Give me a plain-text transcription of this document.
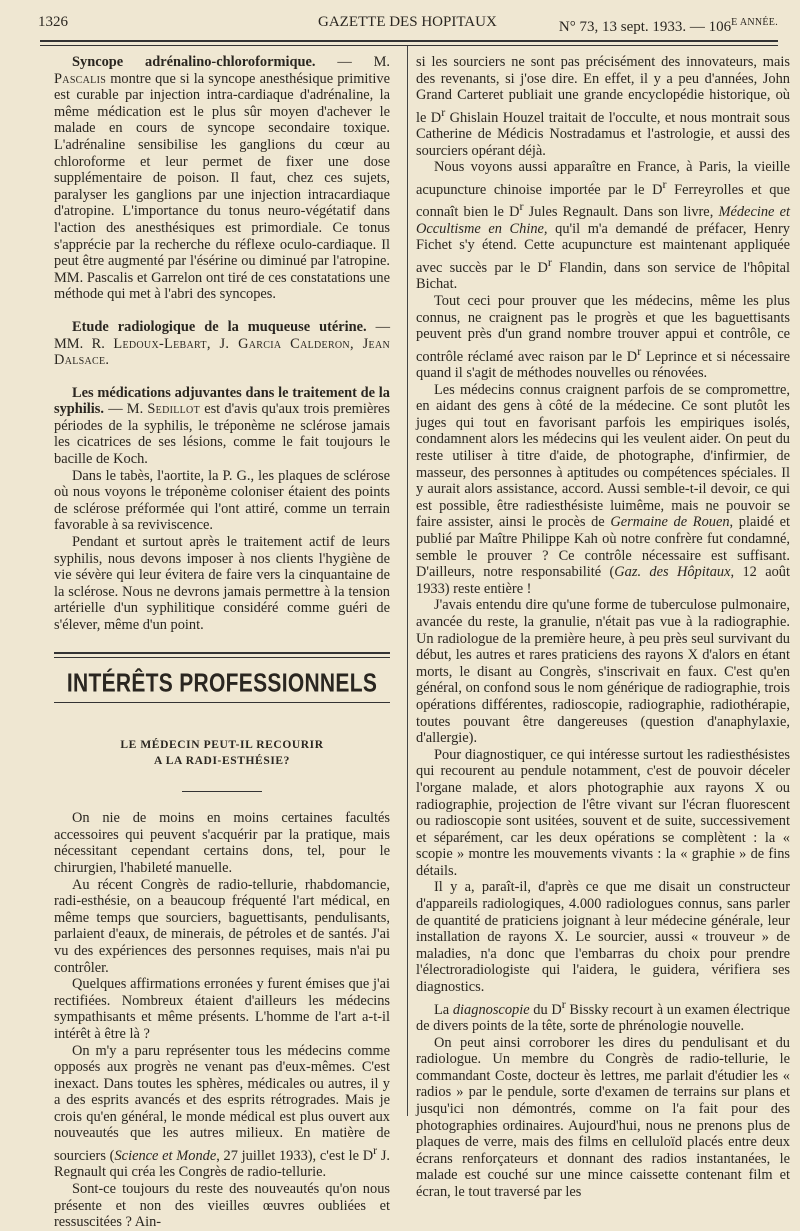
1326	GAZETTE DES HOPITAUX	N° 73, 13 sept. 1933. — $106^{E ANNÉE.}$

Syncope adrénalino-chloroformique. — M. Pascalis montre que si la syncope anesthésique primitive est curable par injection intra-cardiaque d'adrénaline, la même médication est le plus sûr moyen d'achever le malade en cours de syncope secondaire toxique. L'adrénaline sensibilise les ganglions du cœur au chloroforme et leur permet de fixer une dose supplémentaire de poison. Il faut, chez ces sujets, paralyser les ganglions par une injection intracardiaque d'atropine. L'importance du tonus neuro-végétatif dans l'action des anesthésiques est primordiale. Ce tonus s'apprécie par la recherche du réflexe oculo-cardiaque. Il peut être augmenté par l'ésérine ou diminué par l'atropine. MM. Pascalis et Garrelon ont tiré de ces constatations une méthode qui met à l'abri des syncopes.

Etude radiologique de la muqueuse utérine. — MM. R. Ledoux-Lebart, J. Garcia Calderon, Jean Dalsace.

Les médications adjuvantes dans le traitement de la syphilis. — M. Sedillot est d'avis qu'aux trois premières périodes de la syphilis, le tréponème ne sclérose jamais les cicatrices de ses lésions, comme le fait toujours le bacille de Koch.

Dans le tabès, l'aortite, la P. G., les plaques de sclérose où nous voyons le tréponème coloniser étaient des points de sclérose préformée qui l'ont attiré, comme un terrain favorable à sa reviviscence.

Pendant et surtout après le traitement actif de leurs syphilis, nous devons imposer à nos clients l'hygiène de vie sévère qui leur évitera de faire vers la cinquantaine de la sclérose. Nous ne devrons jamais permettre à la tension artérielle d'un syphilitique considéré comme guéri de s'élever, même d'un point.

INTÉRÊTS PROFESSIONNELS
LE MÉDECIN PEUT-IL RECOURIR
A LA RADI-ESTHÉSIE?

On nie de moins en moins certaines facultés accessoires qui peuvent s'acquérir par la pratique, mais nécessitant cependant certains dons, tel, pour le chirurgien, l'habileté manuelle.

Au récent Congrès de radio-tellurie, rhabdomancie, radi-esthésie, on a beaucoup fréquenté l'art médical, en même temps que sourciers, baguettisants, pendulisants, parlaient d'eaux, de minerais, de pétroles et de santés. J'ai vu des expériences des personnes requises, mais n'ai pu contrôler.

Quelques affirmations erronées y furent émises que j'ai rectifiées. Nombreux étaient d'ailleurs les médecins sympathisants et même présents. L'homme de l'art a-t-il intérêt à être là ?

On m'y a paru représenter tous les médecins comme opposés aux progrès ne venant pas d'eux-mêmes. C'est inexact. Dans toutes les sphères, médicales ou autres, il y a des esprits avancés et des esprits rétrogrades. Mais je crois qu'en général, le monde médical est plus ouvert aux nouveautés que les autres milieux. En matière de sourciers (Science et Monde, 27 juillet 1933), c'est le $D^r$ J. Regnault qui créa les Congrès de radio-tellurie.

Sont-ce toujours du reste des nouveautés qu'on nous présente et non des vieilles œuvres oubliées et ressuscitées ? Ain-

si les sourciers ne sont pas précisément des innovateurs, mais des revenants, si j'ose dire. En effet, il y a peu d'années, John Grand Carteret publiait une grande encyclopédie historique, où le $D^r$ Ghislain Houzel traitait de l'occulte, et nous montrait sous Catherine de Médicis Nostradamus et l'astrologie, et aussi des sourciers opérant déjà.

Nous voyons aussi apparaître en France, à Paris, la vieille acupuncture chinoise importée par le $D^r$ Ferreyrolles et que connaît bien le $D^r$ Jules Regnault. Dans son livre, Médecine et Occultisme en Chine, qu'il m'a demandé de préfacer, Henry Fichet s'y étend. Cette acupuncture est maintenant appliquée avec succès par le $D^r$ Flandin, dans son service de l'hôpital Bichat.

Tout ceci pour prouver que les médecins, même les plus connus, ne craignent pas le progrès et que les baguettisants peuvent près d'un grand nombre trouver appui et contrôle, ce contrôle réclamé avec raison par le $D^r$ Leprince et si nécessaire quand il s'agit de méthodes nouvelles ou rénovées.

Les médecins connus craignent parfois de se compromettre, en aidant des gens à côté de la médecine. Ce sont plutôt les juges qui tout en favorisant parfois les empiriques isolés, condamnent alors les médecins qui les veulent aider. On peut du reste utiliser à titre d'aide, de photographe, d'infirmier, de masseur, des personnes à aptitudes ou compétences spéciales. Il y aurait alors assistance, accord. Aussi semble-t-il devoir, ce qui est possible, être radiesthésiste luimême, mais ne pouvoir se faire assister, ainsi le procès de Germaine de Rouen, plaidé et publié par Maître Philippe Kah où notre confrère fut condamné, semble le prouver ? Ce contrôle nécessaire est suffisant. D'ailleurs, notre responsabilité (Gaz. des Hôpitaux, 12 août 1933) reste entière !

J'avais entendu dire qu'une forme de tuberculose pulmonaire, avancée du reste, la granulie, n'était pas vue à la radiographie. Un radiologue de la première heure, à peu près seul survivant du début, les autres et rares praticiens des rayons X d'alors en étant morts, le disant au Congrès, s'inscrivait en faux. C'est qu'en général, on confond sous le nom générique de radiographie, trois opérations différentes, radioscopie, radiographie, radiothérapie, toutes pouvant être dangereuses (question d'anaphylaxie, d'allergie).

Pour diagnostiquer, ce qui intéresse surtout les radiesthésistes qui recourent au pendule notamment, c'est de pouvoir déceler l'organe malade, et alors photographie aux rayons X ou radiographie, projection de l'être vivant sur l'écran fluorescent ou radioscopie sont usitées, souvent et de suite, successivement et séparément, car les deux opérations se complètent : la « scopie » montre les mouvements vivants : la « graphie » de fins détails.

Il y a, paraît-il, d'après ce que me disait un constructeur d'appareils radiologiques, 4.000 radiologues connus, sans parler de quantité de praticiens joignant à leur médecine générale, leur installation de rayons X. Le sourcier, aussi « trouveur » de maladies, n'a donc que l'embarras du choix pour prendre l'électroradiologiste qui l'aidera, le guidera, vérifiera ses diagnostics.

La diagnoscopie du $D^r$ Bissky recourt à un examen électrique de divers points de la tête, sorte de phrénologie nouvelle.

On peut ainsi corroborer les dires du pendulisant et du radiologue. Un membre du Congrès de radio-tellurie, le commandant Coste, docteur ès lettres, me parlait d'étudier les « radios » par le pendule, sorte d'examen de terrains sur plans et jusqu'ici non démontrés, comme on l'a fait pour des photographies ordinaires. Aujourd'hui, nous ne prenons plus de plaques de verre, mais des films en celluloïd placés entre deux écrans renforçateurs et donnant des radios instantanées, le malade est couché sur une mince caissette contenant film et écran, le tout traversé par les
